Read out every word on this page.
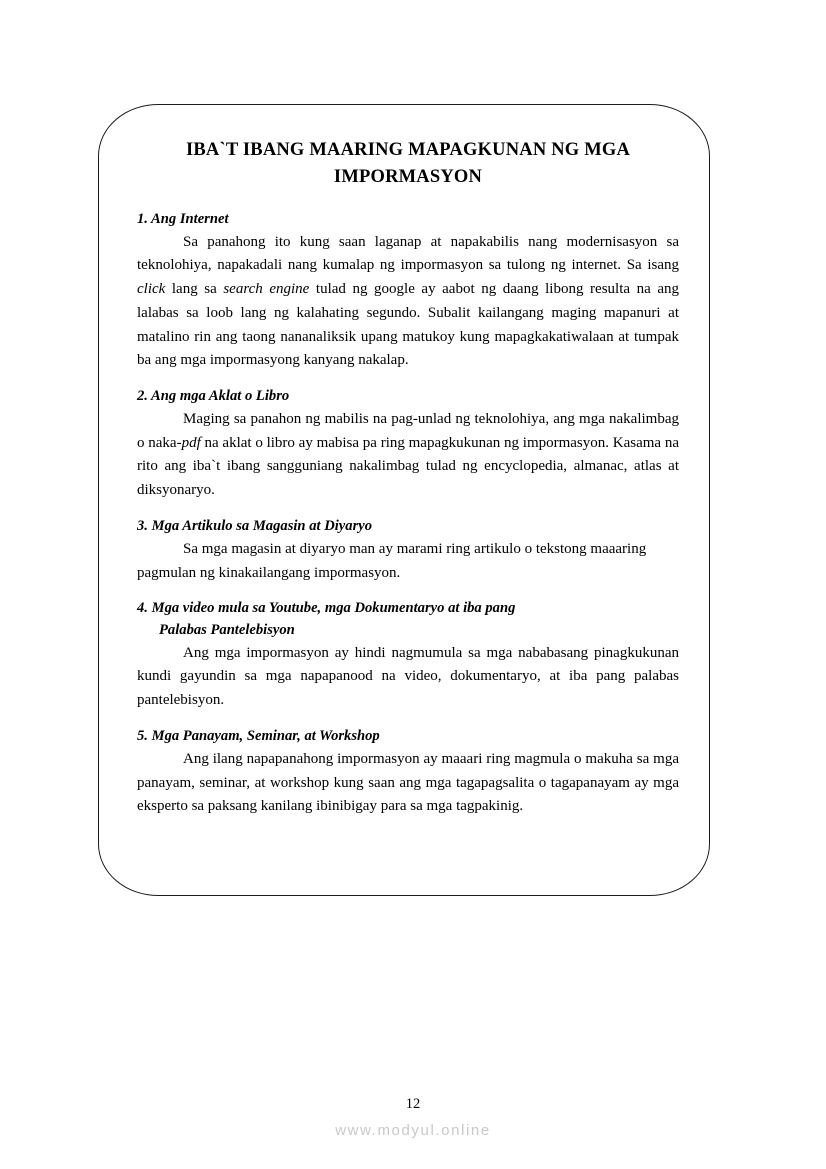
IBA`T IBANG MAARING MAPAGKUNAN NG MGA IMPORMASYON
1. Ang Internet

Sa panahong ito kung saan laganap at napakabilis nang modernisasyon sa teknolohiya, napakadali nang kumalap ng impormasyon sa tulong ng internet. Sa isang click lang sa search engine tulad ng google ay aabot ng daang libong resulta na ang lalabas sa loob lang ng kalahating segundo. Subalit kailangang maging mapanuri at matalino rin ang taong nananaliksik upang matukoy kung mapagkakatiwalaan at tumpak ba ang mga impormasyong kanyang nakalap.

2. Ang mga Aklat o Libro

Maging sa panahon ng mabilis na pag-unlad ng teknolohiya, ang mga nakalimbag o naka-pdf na aklat o libro ay mabisa pa ring mapagkukunan ng impormasyon. Kasama na rito ang iba`t ibang sangguniang nakalimbag tulad ng encyclopedia, almanac, atlas at diksyonaryo.

3. Mga Artikulo sa Magasin at Diyaryo

Sa mga magasin at diyaryo man ay marami ring artikulo o tekstong maaaring pagmulan ng kinakailangang impormasyon.

4. Mga video mula sa Youtube, mga Dokumentaryo at iba pang
Palabas Pantelebisyon

Ang mga impormasyon ay hindi nagmumula sa mga nababasang pinagkukunan kundi gayundin sa mga napapanood na video, dokumentaryo, at iba pang palabas pantelebisyon.

5. Mga Panayam, Seminar, at Workshop

Ang ilang napapanahong impormasyon ay maaari ring magmula o makuha sa mga panayam, seminar, at workshop kung saan ang mga tagapagsalita o tagapanayam ay mga eksperto sa paksang kanilang ibinibigay para sa mga tagpakinig.

12
www.modyul.online
